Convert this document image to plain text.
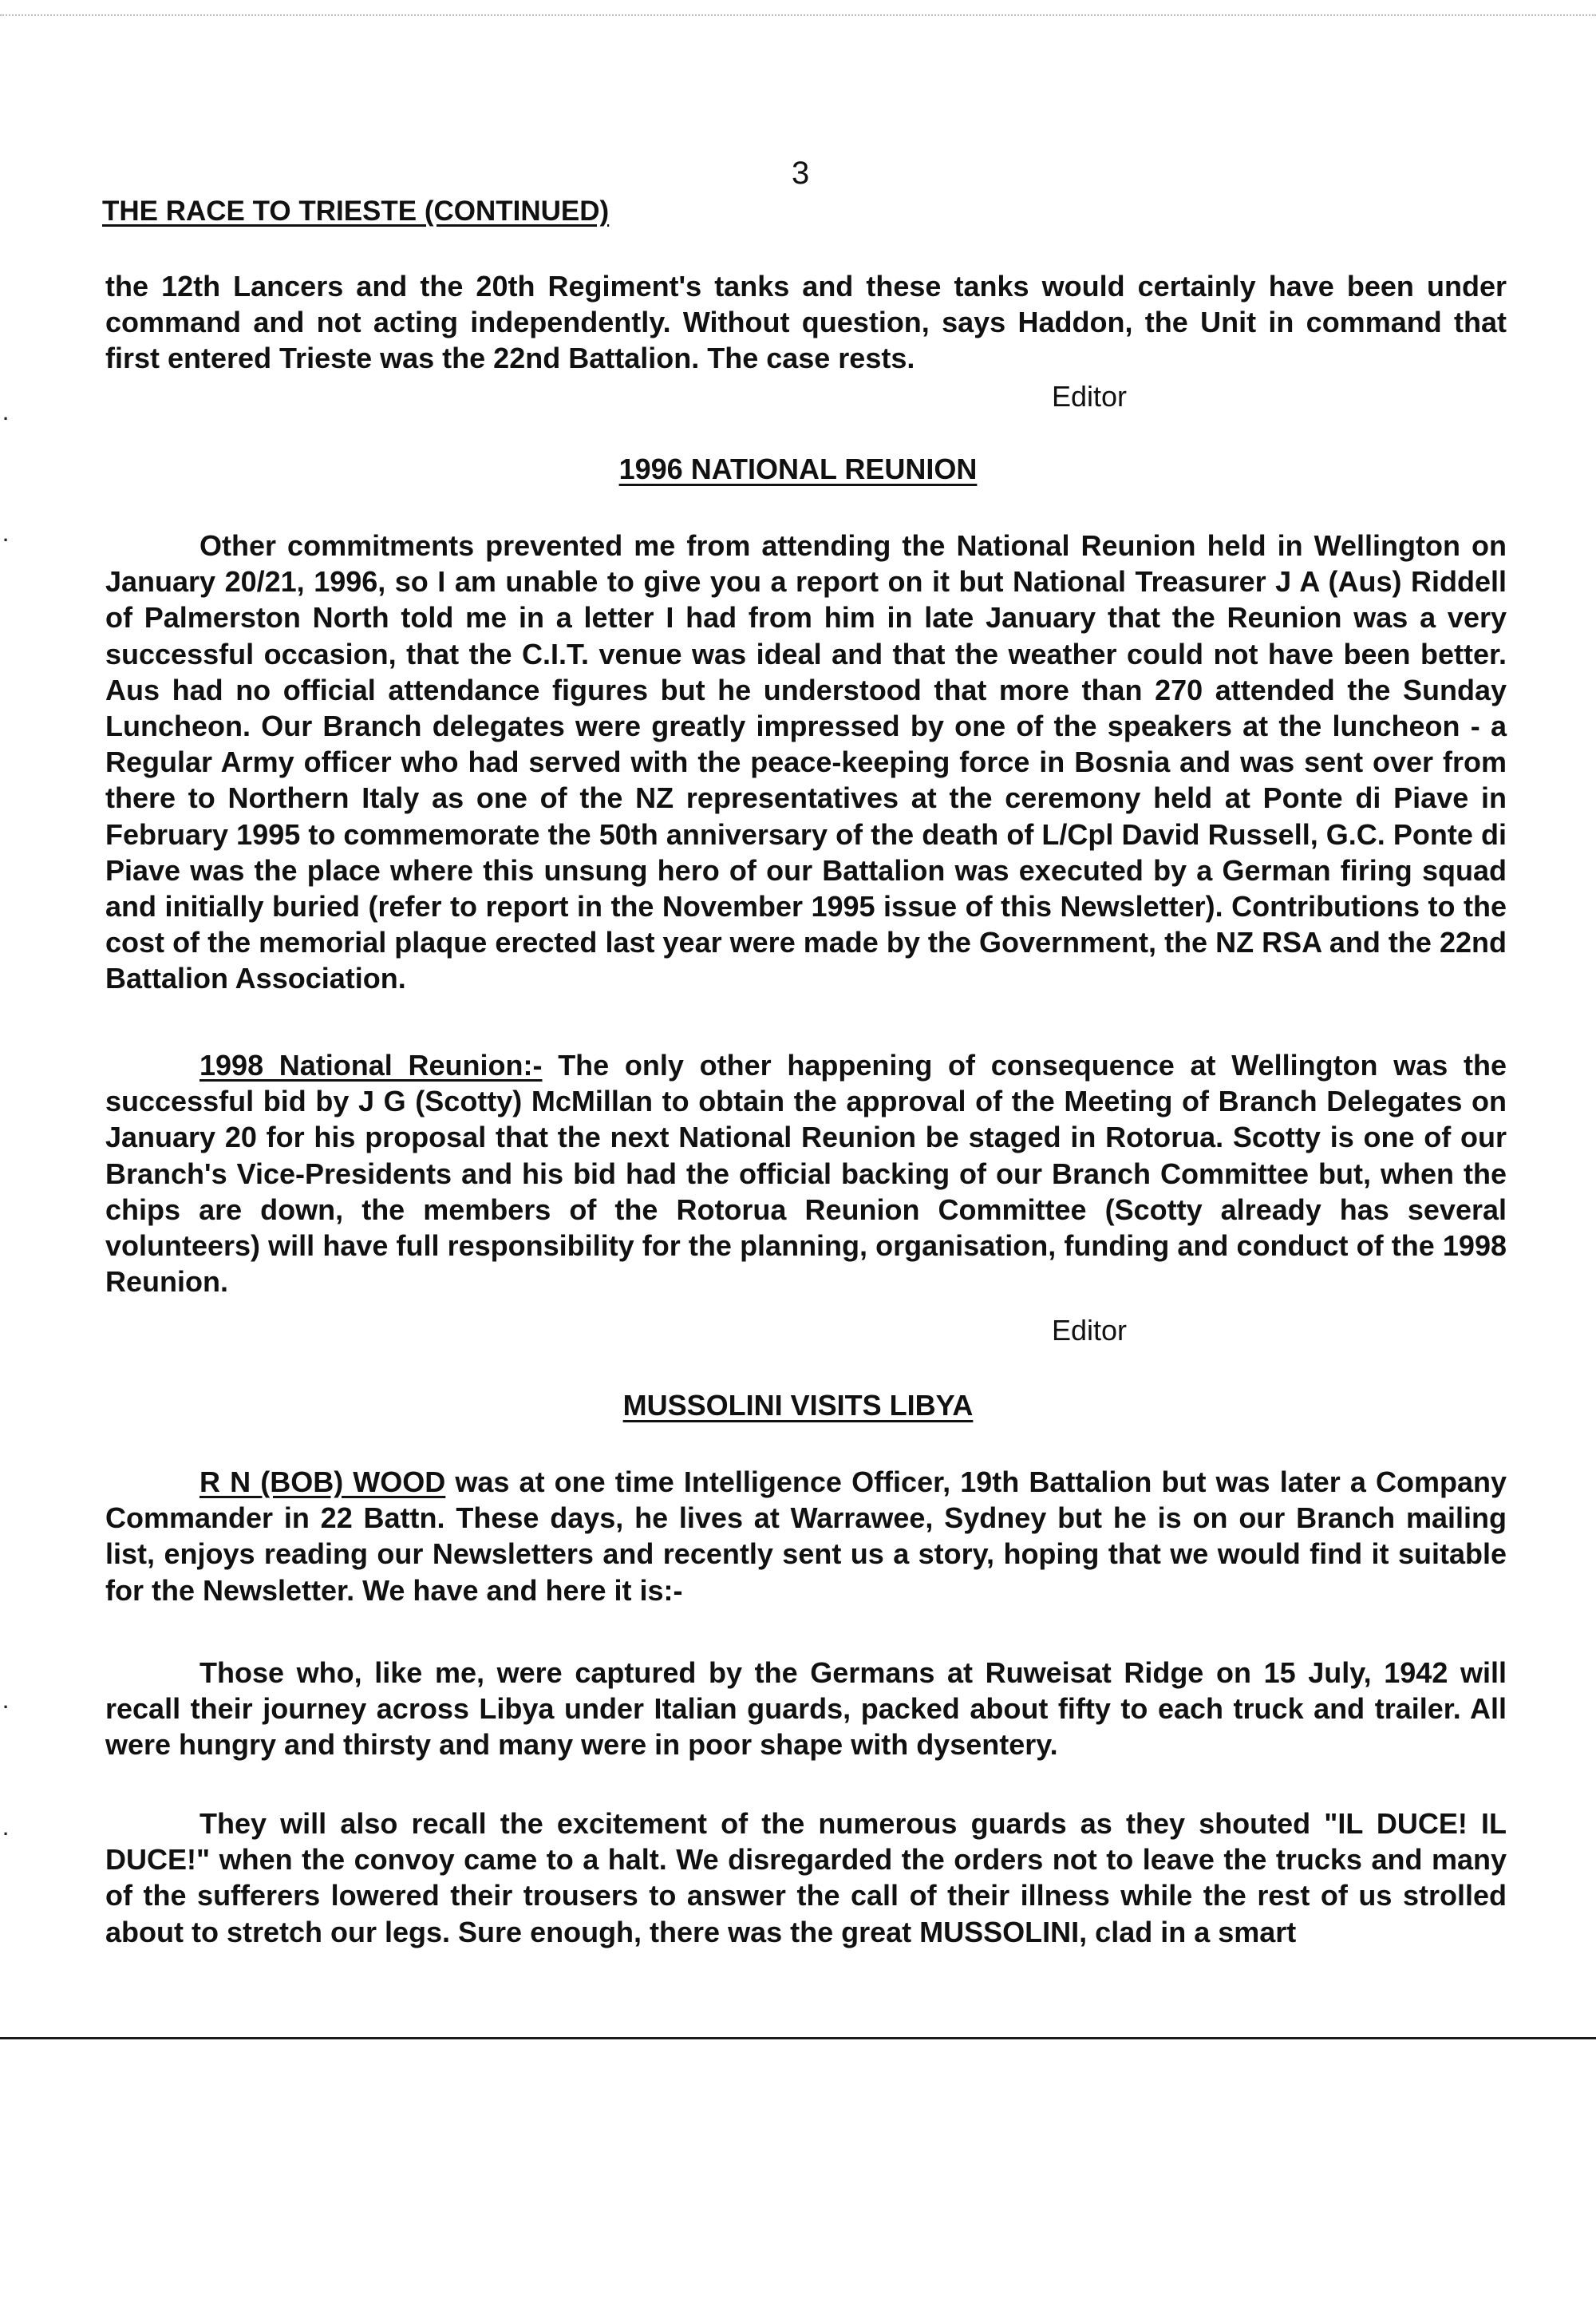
·
·
·
·
3
THE RACE TO TRIESTE (CONTINUED)

the 12th Lancers and the 20th Regiment's tanks and these tanks would certainly have been under command and not acting independently. Without question, says Haddon, the Unit in command that first entered Trieste was the 22nd Battalion. The case rests.

Editor
1996 NATIONAL REUNION

Other commitments prevented me from attending the National Reunion held in Wellington on January 20/21, 1996, so I am unable to give you a report on it but National Treasurer J A (Aus) Riddell of Palmerston North told me in a letter I had from him in late January that the Reunion was a very successful occasion, that the C.I.T. venue was ideal and that the weather could not have been better. Aus had no official attendance figures but he understood that more than 270 attended the Sunday Luncheon. Our Branch delegates were greatly impressed by one of the speakers at the luncheon - a Regular Army officer who had served with the peace-keeping force in Bosnia and was sent over from there to Northern Italy as one of the NZ representatives at the ceremony held at Ponte di Piave in February 1995 to commemorate the 50th anniversary of the death of L/Cpl David Russell, G.C. Ponte di Piave was the place where this unsung hero of our Battalion was executed by a German firing squad and initially buried (refer to report in the November 1995 issue of this Newsletter). Contributions to the cost of the memorial plaque erected last year were made by the Government, the NZ RSA and the 22nd Battalion Association.

1998 National Reunion:- The only other happening of consequence at Wellington was the successful bid by J G (Scotty) McMillan to obtain the approval of the Meeting of Branch Delegates on January 20 for his proposal that the next National Reunion be staged in Rotorua. Scotty is one of our Branch's Vice-Presidents and his bid had the official backing of our Branch Committee but, when the chips are down, the members of the Rotorua Reunion Committee (Scotty already has several volunteers) will have full responsibility for the planning, organisation, funding and conduct of the 1998 Reunion.

Editor
MUSSOLINI VISITS LIBYA

R N (BOB) WOOD was at one time Intelligence Officer, 19th Battalion but was later a Company Commander in 22 Battn. These days, he lives at Warrawee, Sydney but he is on our Branch mailing list, enjoys reading our Newsletters and recently sent us a story, hoping that we would find it suitable for the Newsletter. We have and here it is:-

Those who, like me, were captured by the Germans at Ruweisat Ridge on 15 July, 1942 will recall their journey across Libya under Italian guards, packed about fifty to each truck and trailer. All were hungry and thirsty and many were in poor shape with dysentery.

They will also recall the excitement of the numerous guards as they shouted "IL DUCE! IL DUCE!" when the convoy came to a halt. We disregarded the orders not to leave the trucks and many of the sufferers lowered their trousers to answer the call of their illness while the rest of us strolled about to stretch our legs. Sure enough, there was the great MUSSOLINI, clad in a smart
